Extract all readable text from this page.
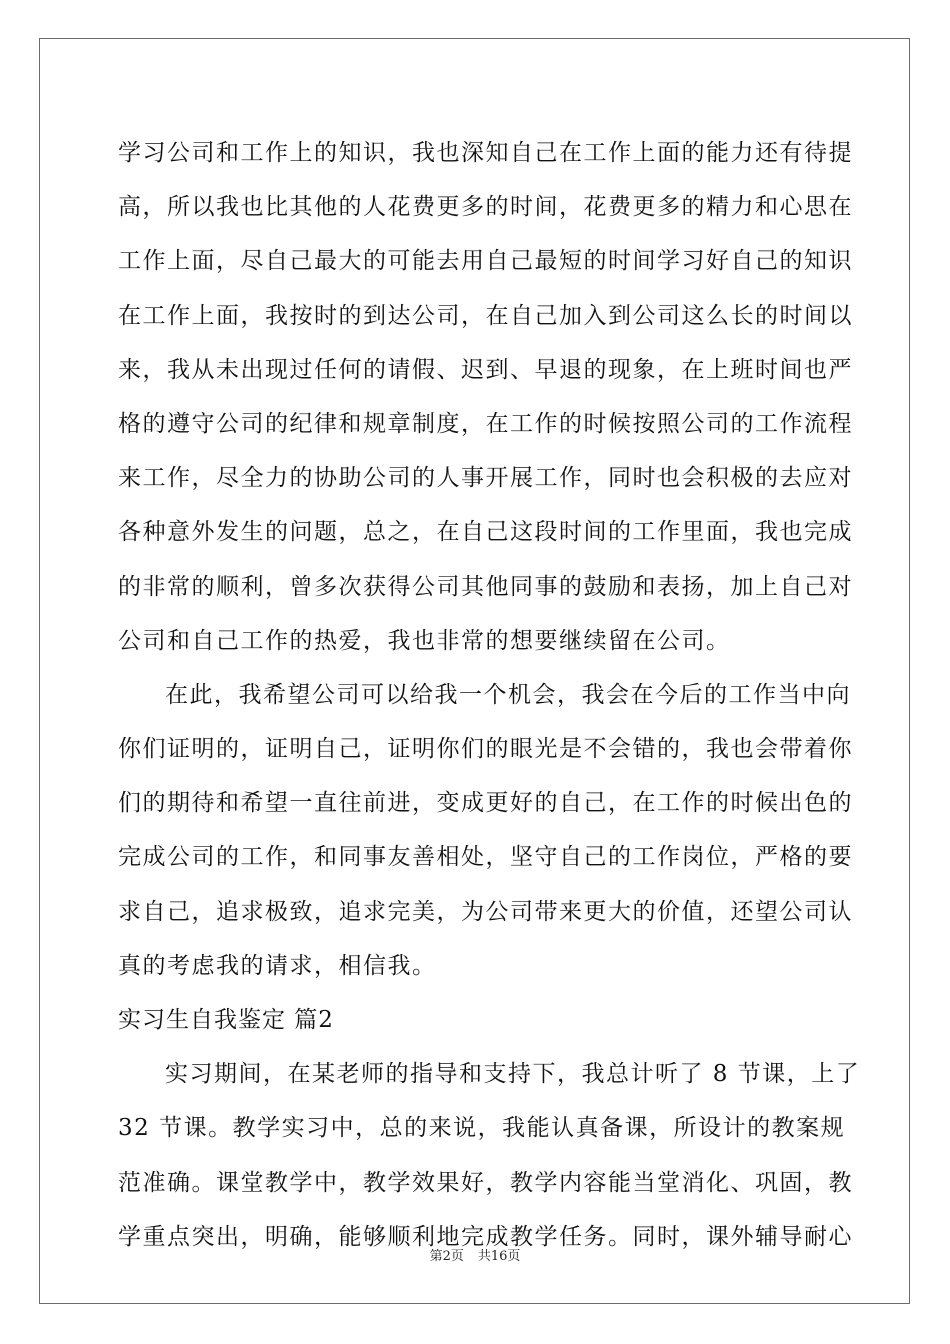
学习公司和工作上的知识，我也深知自己在工作上面的能力还有待提
高，所以我也比其他的人花费更多的时间，花费更多的精力和心思在
工作上面，尽自己最大的可能去用自己最短的时间学习好自己的知识
在工作上面，我按时的到达公司，在自己加入到公司这么长的时间以
来，我从未出现过任何的请假、迟到、早退的现象，在上班时间也严
格的遵守公司的纪律和规章制度，在工作的时候按照公司的工作流程
来工作，尽全力的协助公司的人事开展工作，同时也会积极的去应对
各种意外发生的问题，总之，在自己这段时间的工作里面，我也完成
的非常的顺利，曾多次获得公司其他同事的鼓励和表扬，加上自己对
公司和自己工作的热爱，我也非常的想要继续留在公司。
在此，我希望公司可以给我一个机会，我会在今后的工作当中向
你们证明的，证明自己，证明你们的眼光是不会错的，我也会带着你
们的期待和希望一直往前进，变成更好的自己，在工作的时候出色的
完成公司的工作，和同事友善相处，坚守自己的工作岗位，严格的要
求自己，追求极致，追求完美，为公司带来更大的价值，还望公司认
真的考虑我的请求，相信我。
实习生自我鉴定 篇2
实习期间，在某老师的指导和支持下，我总计听了 8 节课，上了
32 节课。教学实习中，总的来说，我能认真备课，所设计的教案规
范准确。课堂教学中，教学效果好，教学内容能当堂消化、巩固，教
学重点突出，明确，能够顺利地完成教学任务。同时，课外辅导耐心
第2页 共16页
